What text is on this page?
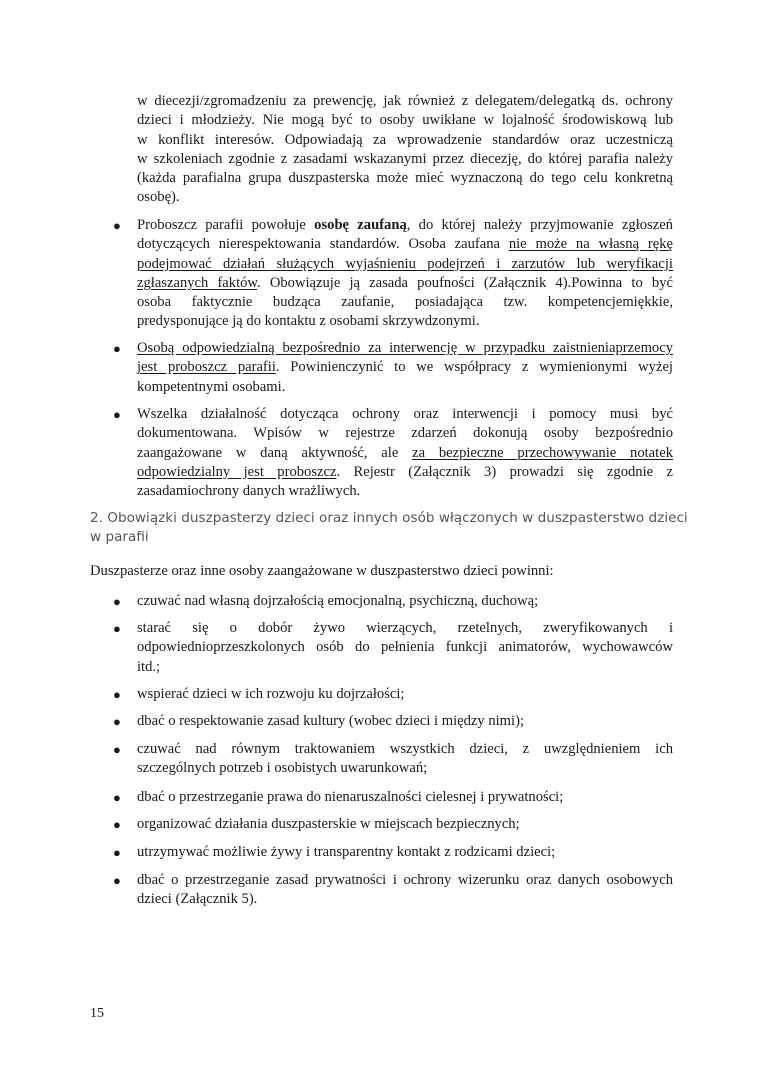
w diecezji/zgromadzeniu za prewencję, jak również z delegatem/delegatką ds. ochrony
dzieci i młodzieży. Nie mogą być to osoby uwikłane w lojalność środowiskową lub
w konflikt interesów. Odpowiadają za wprowadzenie standardów oraz uczestniczą
w szkoleniach zgodnie z zasadami wskazanymi przez diecezję, do której parafia należy
(każda parafialna grupa duszpasterska może mieć wyznaczoną do tego celu konkretną
osobę).
● Proboszcz parafii powołuje osobę zaufaną, do której należy przyjmowanie zgłoszeń
dotyczących nierespektowania standardów. Osoba zaufana nie może na własną rękę
podejmować działań służących wyjaśnieniu podejrzeń i zarzutów lub weryfikacji
zgłaszanych faktów. Obowiązuje ją zasada poufności (Załącznik 4).Powinna to być
osoba faktycznie budząca zaufanie, posiadająca tzw. kompetencjemiękkie,
predysponujące ją do kontaktu z osobami skrzywdzonymi.
● Osobą odpowiedzialną bezpośrednio za interwencję w przypadku zaistnieniaprzemocy
jest proboszcz parafii. Powinienczynić to we współpracy z wymienionymi wyżej
kompetentnymi osobami.
● Wszelka działalność dotycząca ochrony oraz interwencji i pomocy musi być
dokumentowana. Wpisów w rejestrze zdarzeń dokonują osoby bezpośrednio
zaangażowane w daną aktywność, ale za bezpieczne przechowywanie notatek
odpowiedzialny jest proboszcz. Rejestr (Załącznik 3) prowadzi się zgodnie z
zasadamiochrony danych wrażliwych.
2. Obowiązki duszpasterzy dzieci oraz innych osób włączonych w duszpasterstwo dzieci
w parafii
Duszpasterze oraz inne osoby zaangażowane w duszpasterstwo dzieci powinni:
● czuwać nad własną dojrzałością emocjonalną, psychiczną, duchową;
● starać się o dobór żywo wierzących, rzetelnych, zweryfikowanych i
odpowiednioprzeszkolonych osób do pełnienia funkcji animatorów, wychowawców
itd.;
● wspierać dzieci w ich rozwoju ku dojrzałości;
● dbać o respektowanie zasad kultury (wobec dzieci i między nimi);
● czuwać nad równym traktowaniem wszystkich dzieci, z uwzględnieniem ich
szczególnych potrzeb i osobistych uwarunkowań;
● dbać o przestrzeganie prawa do nienaruszalności cielesnej i prywatności;
● organizować działania duszpasterskie w miejscach bezpiecznych;
● utrzymywać możliwie żywy i transparentny kontakt z rodzicami dzieci;
● dbać o przestrzeganie zasad prywatności i ochrony wizerunku oraz danych osobowych
dzieci (Załącznik 5).
15
